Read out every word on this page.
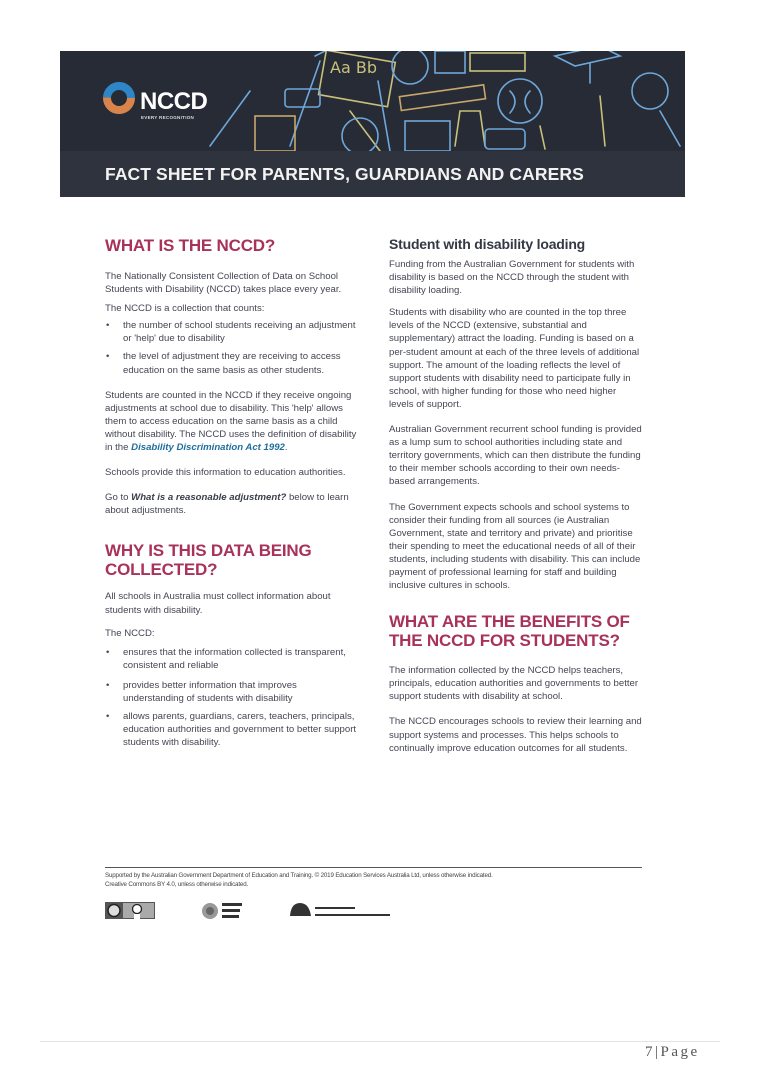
Aa Bb
NCCD
EVERY RECOGNITION
FACT SHEET FOR PARENTS, GUARDIANS AND CARERS
WHAT IS THE NCCD?

The Nationally Consistent Collection of Data on School Students with Disability (NCCD) takes place every year.

The NCCD is a collection that counts:

• the number of school students receiving an adjustment or 'help' due to disability
• the level of adjustment they are receiving to access education on the same basis as other students.

Students are counted in the NCCD if they receive ongoing adjustments at school due to disability. This 'help' allows them to access education on the same basis as a child without disability. The NCCD uses the definition of disability in the Disability Discrimination Act 1992.

Schools provide this information to education authorities.

Go to What is a reasonable adjustment? below to learn about adjustments.

WHY IS THIS DATA BEING COLLECTED?

All schools in Australia must collect information about students with disability.

The NCCD:

• ensures that the information collected is transparent, consistent and reliable
• provides better information that improves understanding of students with disability
• allows parents, guardians, carers, teachers, principals, education authorities and government to better support students with disability.
Student with disability loading

Funding from the Australian Government for students with disability is based on the NCCD through the student with disability loading.

Students with disability who are counted in the top three levels of the NCCD (extensive, substantial and supplementary) attract the loading. Funding is based on a per-student amount at each of the three levels of additional support. The amount of the loading reflects the level of support students with disability need to participate fully in school, with higher funding for those who need higher levels of support.

Australian Government recurrent school funding is provided as a lump sum to school authorities including state and territory governments, which can then distribute the funding to their member schools according to their own needs-based arrangements.

The Government expects schools and school systems to consider their funding from all sources (ie Australian Government, state and territory and private) and prioritise their spending to meet the educational needs of all of their students, including students with disability. This can include payment of professional learning for staff and building inclusive cultures in schools.

WHAT ARE THE BENEFITS OF THE NCCD FOR STUDENTS?

The information collected by the NCCD helps teachers, principals, education authorities and governments to better support students with disability at school.

The NCCD encourages schools to review their learning and support systems and processes. This helps schools to continually improve education outcomes for all students.

Supported by the Australian Government Department of Education and Training. © 2019 Education Services Australia Ltd, unless otherwise indicated.
Creative Commons BY 4.0, unless otherwise indicated.
7|Page
